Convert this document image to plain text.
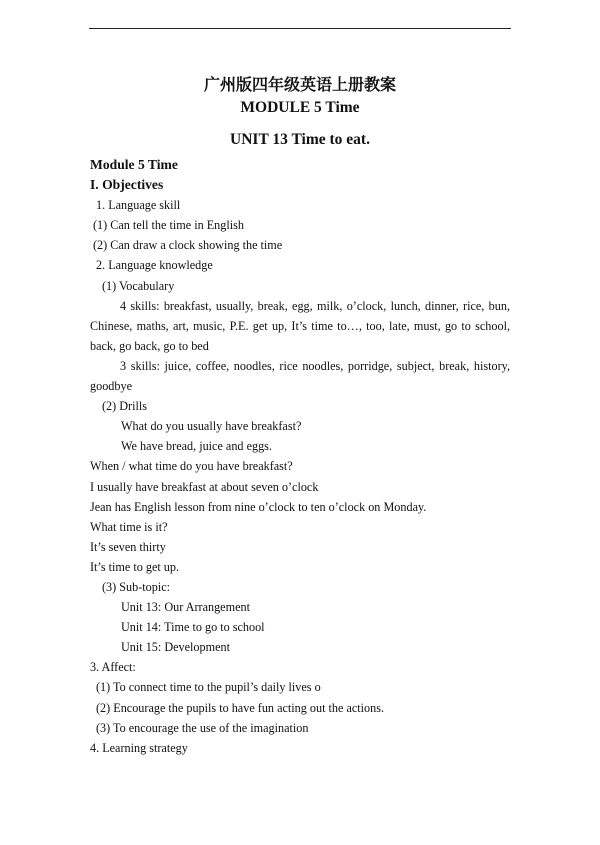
广州版四年级英语上册教案
MODULE 5 Time
UNIT 13 Time to eat.
Module 5 Time
I. Objectives
1. Language skill
(1) Can tell the time in English
(2) Can draw a clock showing the time
2. Language knowledge
(1) Vocabulary
4 skills: breakfast, usually, break, egg, milk, o’clock, lunch, dinner, rice, bun,
Chinese, maths, art, music, P.E. get up, It’s time to…, too, late, must, go to school,
back, go back, go to bed
3 skills: juice, coffee, noodles, rice noodles, porridge, subject, break, history,
goodbye
(2) Drills
What do you usually have breakfast?
We have bread, juice and eggs.
When / what time do you have breakfast?
I usually have breakfast at about seven o’clock
Jean has English lesson from nine o’clock to ten o’clock on Monday.
What time is it?
It’s seven thirty
It’s time to get up.
(3) Sub-topic:
Unit 13: Our Arrangement
Unit 14: Time to go to school
Unit 15: Development
3. Affect:
(1) To connect time to the pupil’s daily lives o
(2) Encourage the pupils to have fun acting out the actions.
(3) To encourage the use of the imagination
4. Learning strategy
